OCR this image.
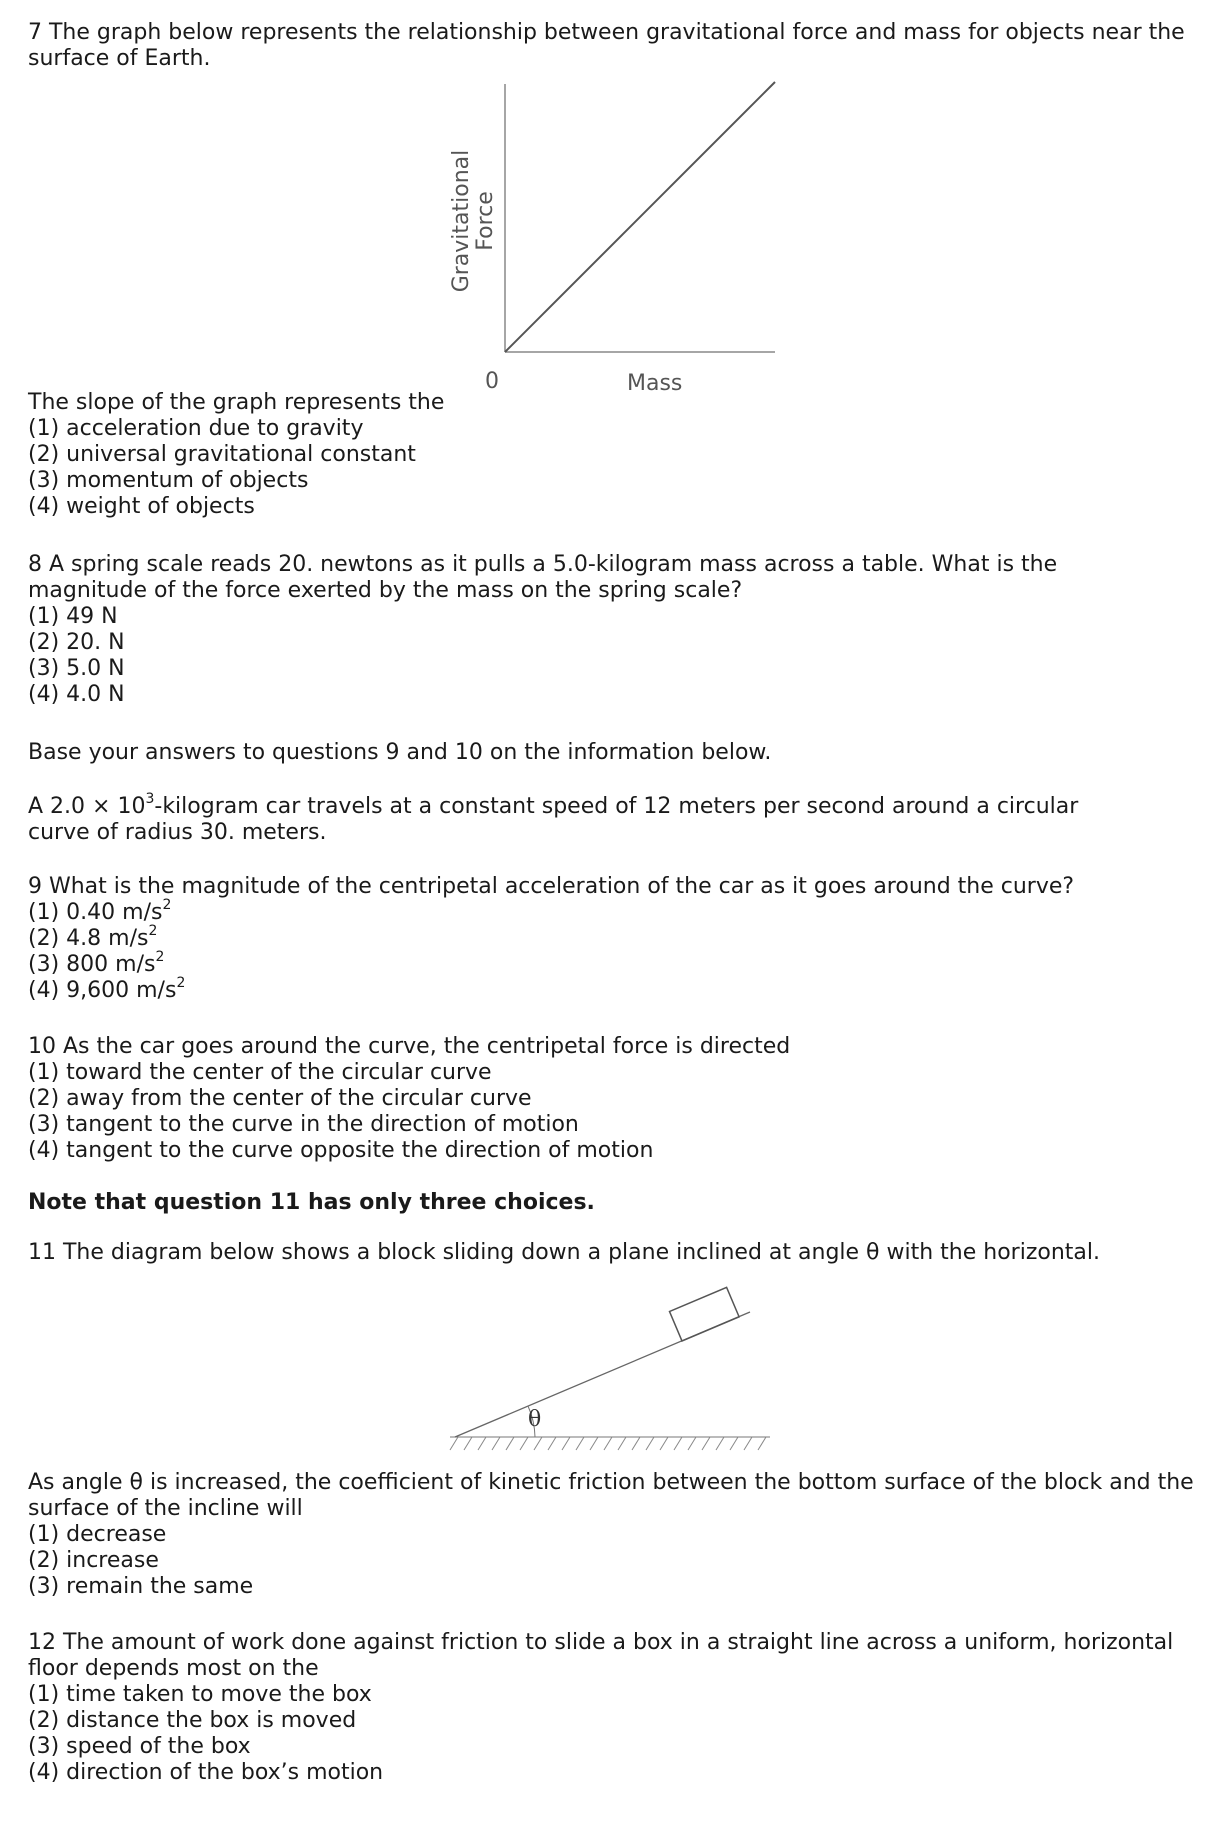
7 The graph below represents the relationship between gravitational force and mass for objects near the
surface of Earth.
Gravitational Force
0	Mass
The slope of the graph represents the
(1) acceleration due to gravity
(2) universal gravitational constant
(3) momentum of objects
(4) weight of objects
8 A spring scale reads 20. newtons as it pulls a 5.0-kilogram mass across a table. What is the
magnitude of the force exerted by the mass on the spring scale?
(1) 49 N
(2) 20. N
(3) 5.0 N
(4) 4.0 N
Base your answers to questions 9 and 10 on the information below.
A $2.0 \times 10^3$-kilogram car travels at a constant speed of 12 meters per second around a circular
curve of radius 30. meters.
9 What is the magnitude of the centripetal acceleration of the car as it goes around the curve?
(1) 0.40 $m/s^2$
(2) 4.8 $m/s^2$
(3) 800 $m/s^2$
(4) 9,600 $m/s^2$
10 As the car goes around the curve, the centripetal force is directed
(1) toward the center of the circular curve
(2) away from the center of the circular curve
(3) tangent to the curve in the direction of motion
(4) tangent to the curve opposite the direction of motion
Note that question 11 has only three choices.
11 The diagram below shows a block sliding down a plane inclined at angle θ with the horizontal.
θ
As angle θ is increased, the coefficient of kinetic friction between the bottom surface of the block and the
surface of the incline will
(1) decrease
(2) increase
(3) remain the same
12 The amount of work done against friction to slide a box in a straight line across a uniform, horizontal
floor depends most on the
(1) time taken to move the box
(2) distance the box is moved
(3) speed of the box
(4) direction of the box’s motion
